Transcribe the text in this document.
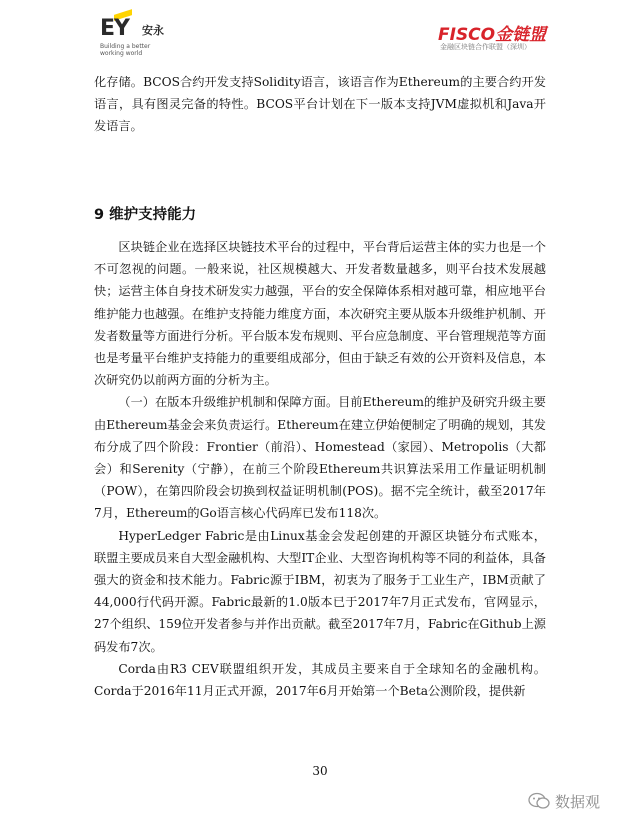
EY 安永
Building a better
working world
FISCO金链盟
金融区块链合作联盟（深圳）

化存储。BCOS合约开发支持Solidity语言，该语言作为Ethereum的主要合约开发语言，具有图灵完备的特性。BCOS平台计划在下一版本支持JVM虚拟机和Java开发语言。

9 维护支持能力

区块链企业在选择区块链技术平台的过程中，平台背后运营主体的实力也是一个不可忽视的问题。一般来说，社区规模越大、开发者数量越多，则平台技术发展越快；运营主体自身技术研发实力越强，平台的安全保障体系相对越可靠，相应地平台维护能力也越强。在维护支持能力维度方面，本次研究主要从版本升级维护机制、开发者数量等方面进行分析。平台版本发布规则、平台应急制度、平台管理规范等方面也是考量平台维护支持能力的重要组成部分，但由于缺乏有效的公开资料及信息，本次研究仍以前两方面的分析为主。

（一）在版本升级维护机制和保障方面。目前Ethereum的维护及研究升级主要由Ethereum基金会来负责运行。Ethereum在建立伊始便制定了明确的规划，其发布分成了四个阶段：Frontier（前沿）、Homestead（家园）、Metropolis（大都会）和Serenity（宁静），在前三个阶段Ethereum共识算法采用工作量证明机制（POW），在第四阶段会切换到权益证明机制(POS)。据不完全统计，截至2017年7月，Ethereum的Go语言核心代码库已发布118次。

HyperLedger Fabric是由Linux基金会发起创建的开源区块链分布式账本，联盟主要成员来自大型金融机构、大型IT企业、大型咨询机构等不同的利益体，具备强大的资金和技术能力。Fabric源于IBM，初衷为了服务于工业生产，IBM贡献了44,000行代码开源。Fabric最新的1.0版本已于2017年7月正式发布，官网显示，27个组织、159位开发者参与并作出贡献。截至2017年7月，Fabric在Github上源码发布7次。

Corda由R3 CEV联盟组织开发，其成员主要来自于全球知名的金融机构。Corda于2016年11月正式开源，2017年6月开始第一个Beta公测阶段，提供新

30
数据观
